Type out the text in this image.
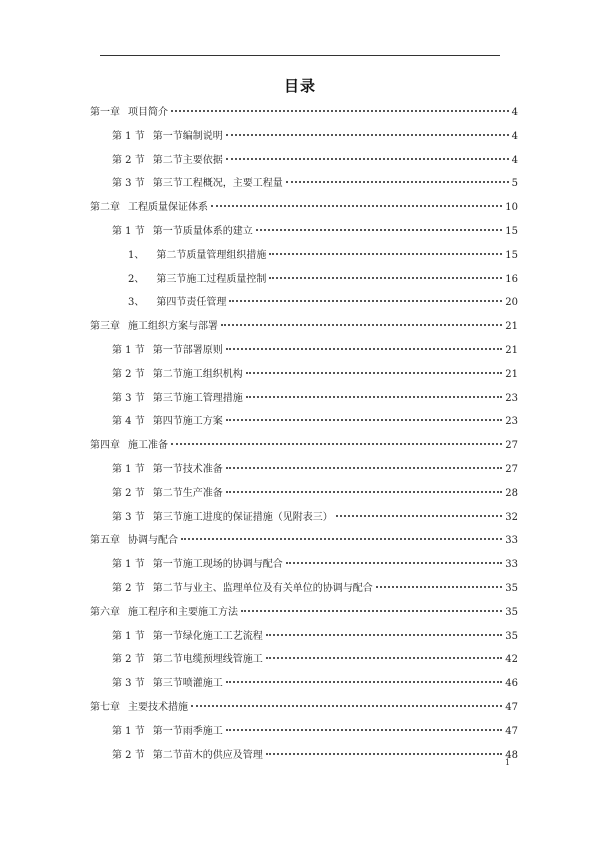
目录
第一章 项目简介	4
第 1 节 第一节编制说明	4
第 2 节 第二节主要依据	4
第 3 节 第三节工程概况，主要工程量	5
第二章 工程质量保证体系	10
第 1 节 第一节质量体系的建立	15
1、 第二节质量管理组织措施	15
2、 第三节施工过程质量控制	16
3、 第四节责任管理	20
第三章 施工组织方案与部署	21
第 1 节 第一节部署原则	21
第 2 节 第二节施工组织机构	21
第 3 节 第三节施工管理措施	23
第 4 节 第四节施工方案	23
第四章 施工准备	27
第 1 节 第一节技术准备	27
第 2 节 第二节生产准备	28
第 3 节 第三节施工进度的保证措施（见附表三）	32
第五章 协调与配合	33
第 1 节 第一节施工现场的协调与配合	33
第 2 节 第二节与业主、监理单位及有关单位的协调与配合	35
第六章 施工程序和主要施工方法	35
第 1 节 第一节绿化施工工艺流程	35
第 2 节 第二节电缆预埋线管施工	42
第 3 节 第三节喷灌施工	46
第七章 主要技术措施	47
第 1 节 第一节雨季施工	47
第 2 节 第二节苗木的供应及管理	48
1
